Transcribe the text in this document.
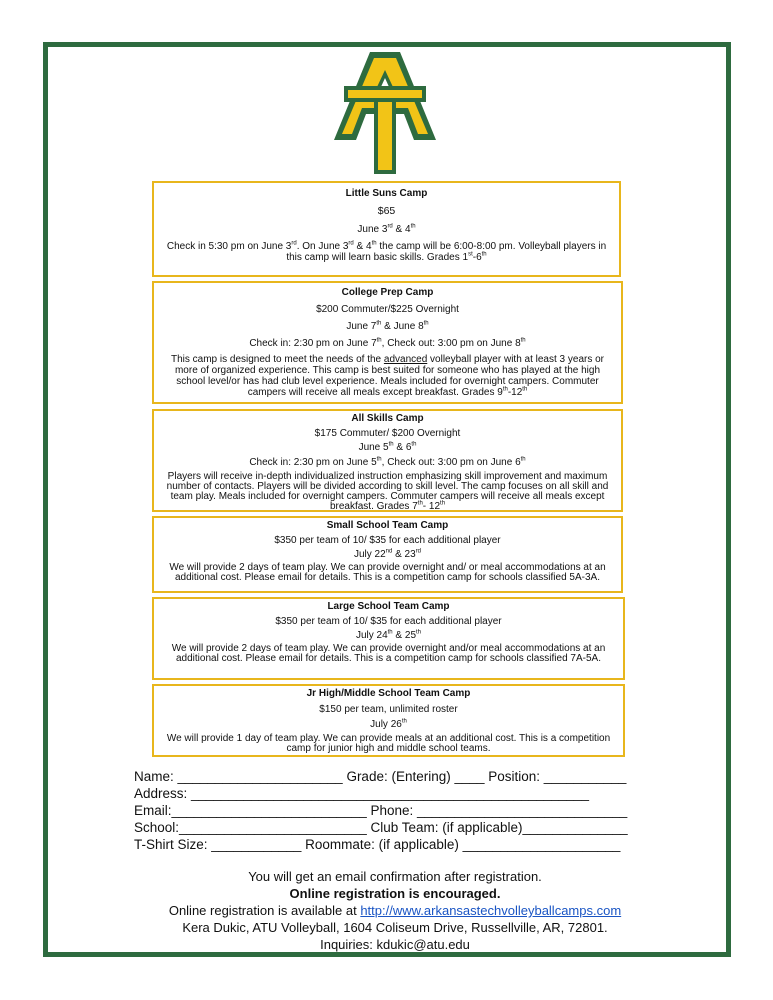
Little Suns Camp

$65

June 3rd & 4th

Check in 5:30 pm on June 3rd. On June 3rd & 4th the camp will be 6:00-8:00 pm. Volleyball players in this camp will learn basic skills. Grades 1st-6th

College Prep Camp

$200 Commuter/$225 Overnight

June 7th & June 8th

Check in: 2:30 pm on June 7th, Check out: 3:00 pm on June 8th

This camp is designed to meet the needs of the advanced volleyball player with at least 3 years or more of organized experience. This camp is best suited for someone who has played at the high school level/or has had club level experience. Meals included for overnight campers. Commuter campers will receive all meals except breakfast. Grades 9th-12th

All Skills Camp

$175 Commuter/ $200 Overnight

June 5th & 6th

Check in: 2:30 pm on June 5th, Check out: 3:00 pm on June 6th

Players will receive in-depth individualized instruction emphasizing skill improvement and maximum number of contacts. Players will be divided according to skill level. The camp focuses on all skill and team play. Meals included for overnight campers. Commuter campers will receive all meals except breakfast. Grades 7th- 12th

Small School Team Camp

$350 per team of 10/ $35 for each additional player

July 22nd & 23rd

We will provide 2 days of team play. We can provide overnight and/ or meal accommodations at an additional cost. Please email for details. This is a competition camp for schools classified 5A-3A.

Large School Team Camp

$350 per team of 10/ $35 for each additional player

July 24th & 25th

We will provide 2 days of team play. We can provide overnight and/or meal accommodations at an additional cost. Please email for details. This is a competition camp for schools classified 7A-5A.

Jr High/Middle School Team Camp

$150 per team, unlimited roster

July 26th

We will provide 1 day of team play. We can provide meals at an additional cost. This is a competition camp for junior high and middle school teams.

Name: ______________________ Grade: (Entering) ____ Position: ___________
Address: _____________________________________________________
Email:__________________________ Phone: ____________________________
School:_________________________ Club Team: (if applicable)______________
T-Shirt Size: ____________ Roommate: (if applicable) _____________________
You will get an email confirmation after registration.
Online registration is encouraged.
Online registration is available at http://www.arkansastechvolleyballcamps.com
Kera Dukic, ATU Volleyball, 1604 Coliseum Drive, Russellville, AR, 72801.
Inquiries: kdukic@atu.edu
